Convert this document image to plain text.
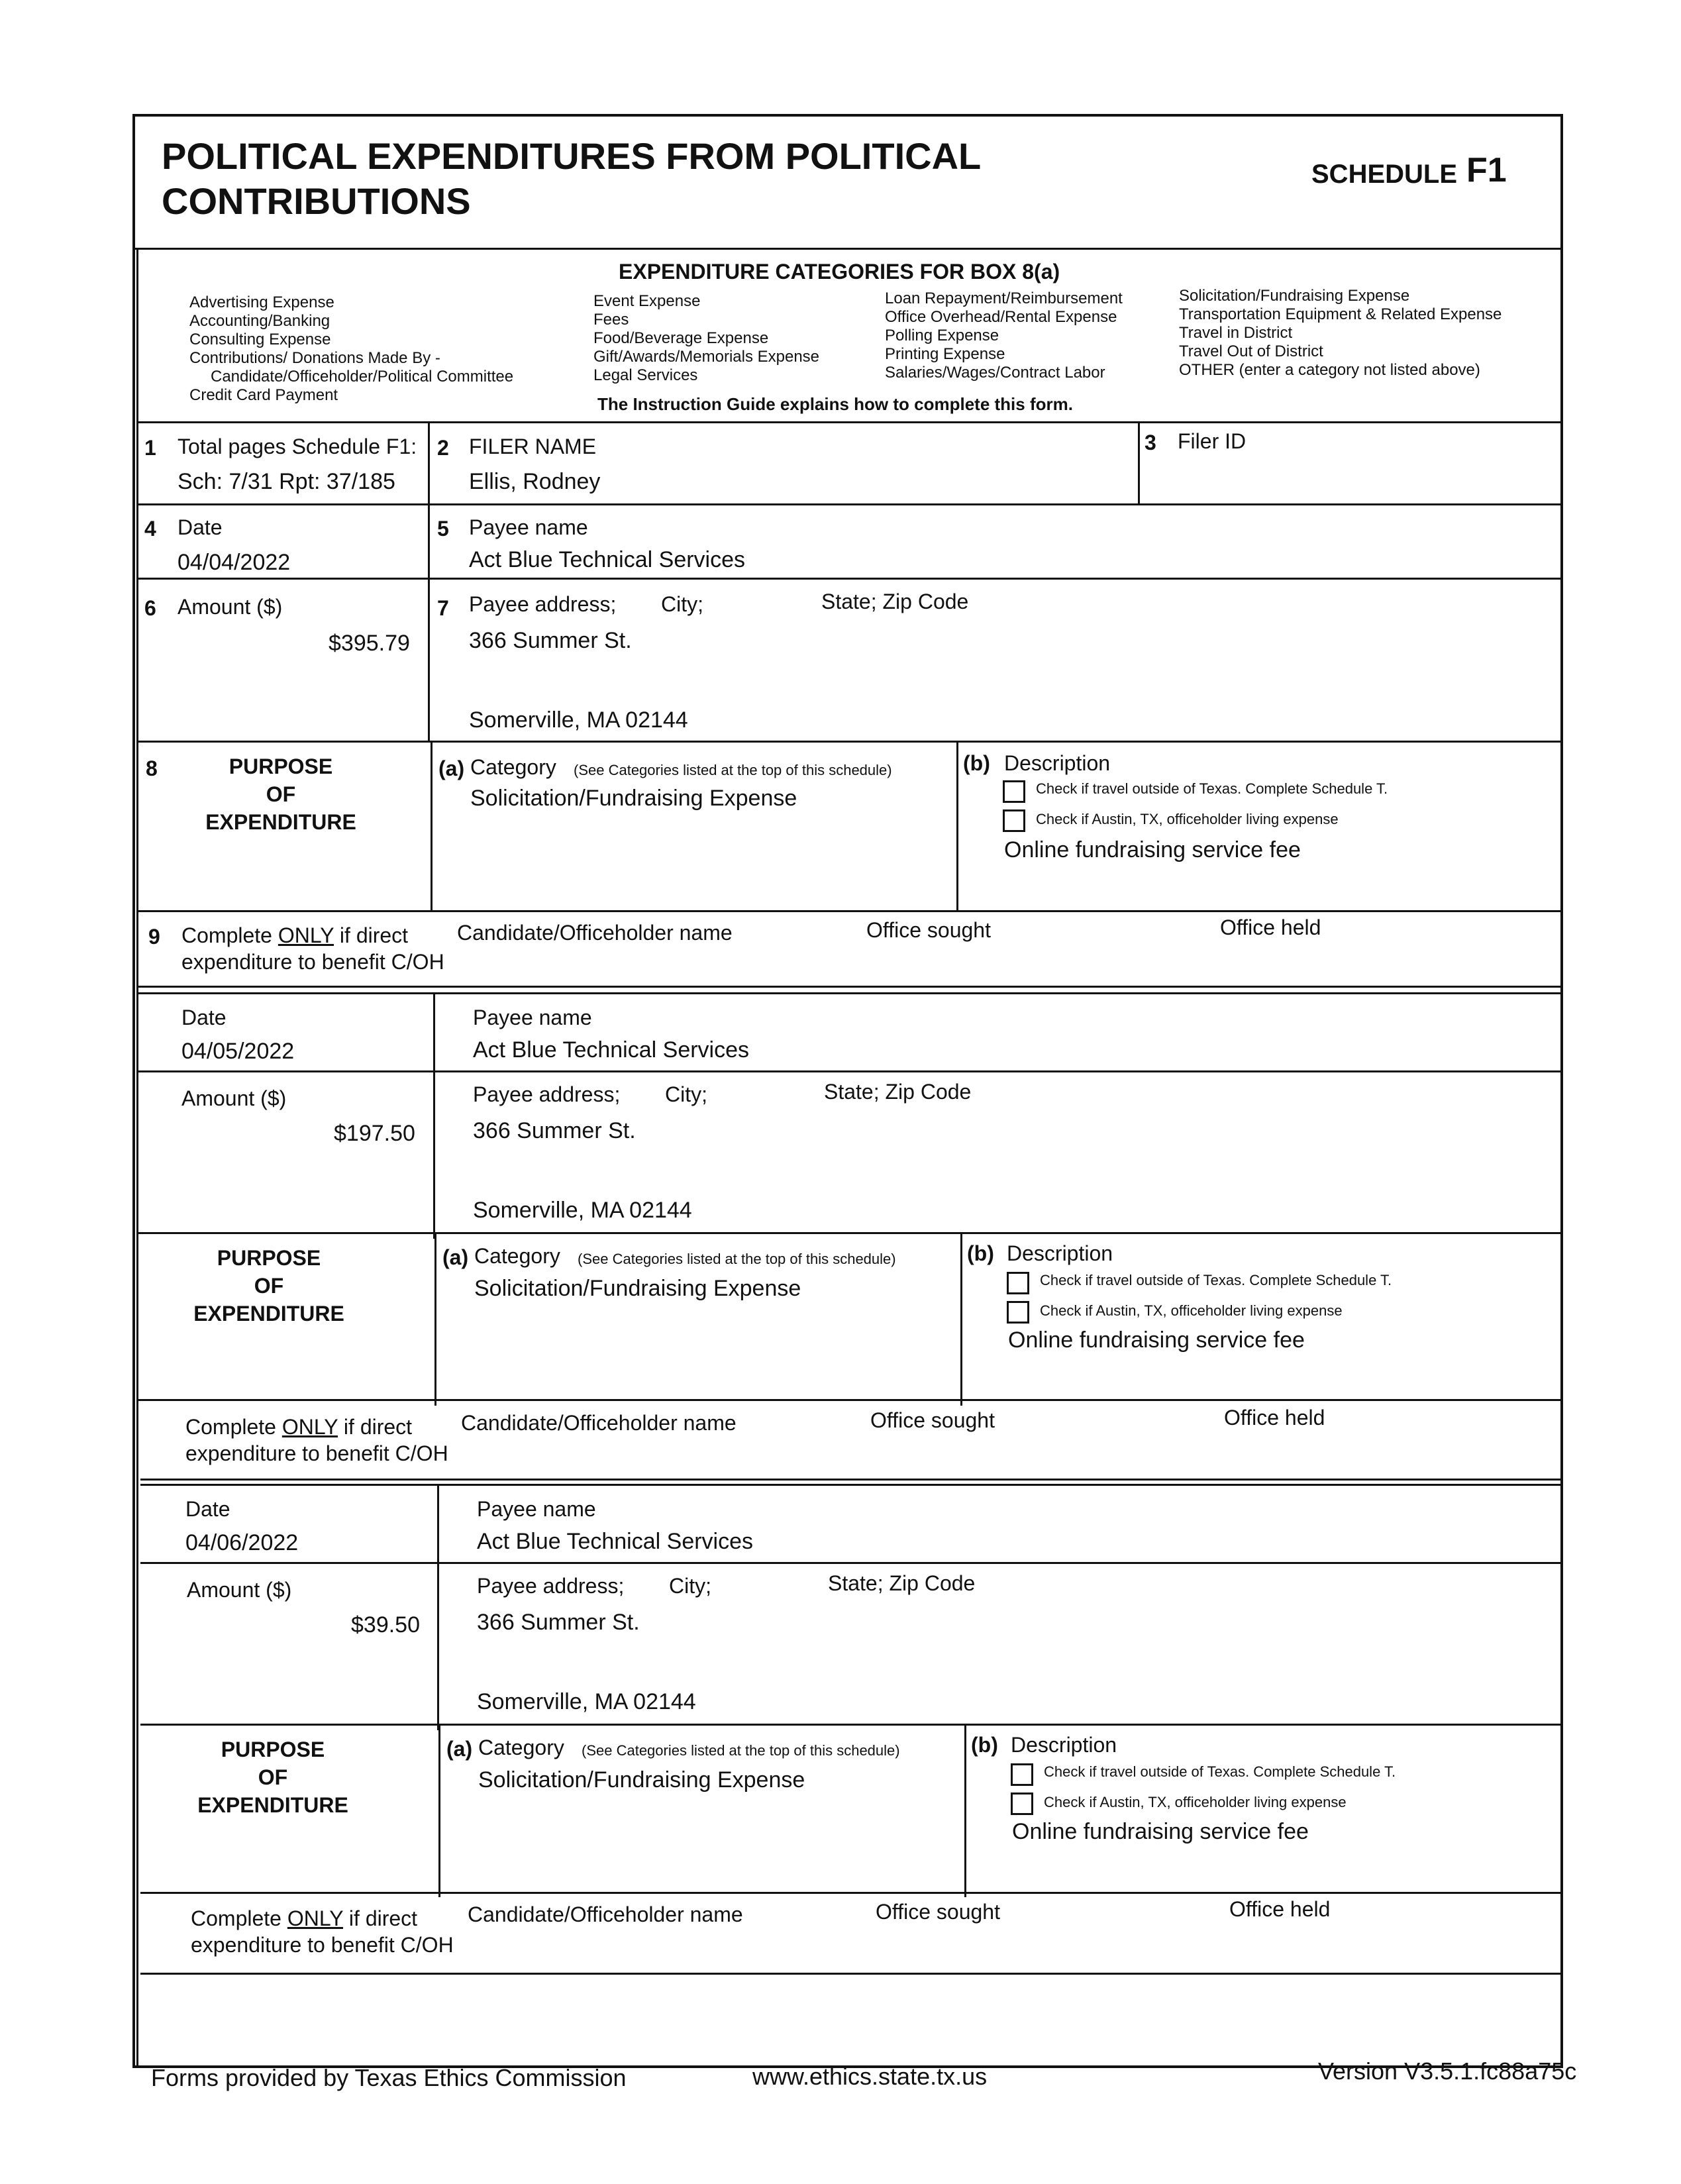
POLITICAL EXPENDITURES FROM POLITICAL
CONTRIBUTIONS
SCHEDULE F1
EXPENDITURE CATEGORIES FOR BOX 8(a)
Advertising Expense
Accounting/Banking
Consulting Expense
Contributions/ Donations Made By -
Candidate/Officeholder/Political Committee
Credit Card Payment
Event Expense
Fees
Food/Beverage Expense
Gift/Awards/Memorials Expense
Legal Services
Loan Repayment/Reimbursement
Office Overhead/Rental Expense
Polling Expense
Printing Expense
Salaries/Wages/Contract Labor
Solicitation/Fundraising Expense
Transportation Equipment & Related Expense
Travel in District
Travel Out of District
OTHER (enter a category not listed above)
The Instruction Guide explains how to complete this form.
1 Total pages Schedule F1:
Sch: 7/31 Rpt: 37/185
2 FILER NAME
Ellis, Rodney
3 Filer ID
4 Date
04/04/2022
5 Payee name
Act Blue Technical Services
6 Amount ($)
$395.79
7 Payee address; City;	State; Zip Code
366 Summer St.
Somerville, MA 02144
8	PURPOSE
OF
EXPENDITURE
(a) Category (See Categories listed at the top of this schedule)
Solicitation/Fundraising Expense
(b) Description
Check if travel outside of Texas. Complete Schedule T.
Check if Austin, TX, officeholder living expense
Online fundraising service fee
9 Complete ONLY if direct
expenditure to benefit C/OH
Candidate/Officeholder name	Office sought	Office held
Date
04/05/2022
Payee name
Act Blue Technical Services
Amount ($)
$197.50
Payee address; City;	State; Zip Code
366 Summer St.
Somerville, MA 02144
PURPOSE
OF
EXPENDITURE
(a) Category (See Categories listed at the top of this schedule)
Solicitation/Fundraising Expense
(b) Description
Check if travel outside of Texas. Complete Schedule T.
Check if Austin, TX, officeholder living expense
Online fundraising service fee
Complete ONLY if direct
expenditure to benefit C/OH
Candidate/Officeholder name	Office sought	Office held
Date
04/06/2022
Payee name
Act Blue Technical Services
Amount ($)
$39.50
Payee address; City;	State; Zip Code
366 Summer St.
Somerville, MA 02144
PURPOSE
OF
EXPENDITURE
(a) Category (See Categories listed at the top of this schedule)
Solicitation/Fundraising Expense
(b) Description
Check if travel outside of Texas. Complete Schedule T.
Check if Austin, TX, officeholder living expense
Online fundraising service fee
Complete ONLY if direct
expenditure to benefit C/OH
Candidate/Officeholder name	Office sought	Office held
Forms provided by Texas Ethics Commission	www.ethics.state.tx.us	Version V3.5.1.fc88a75c
